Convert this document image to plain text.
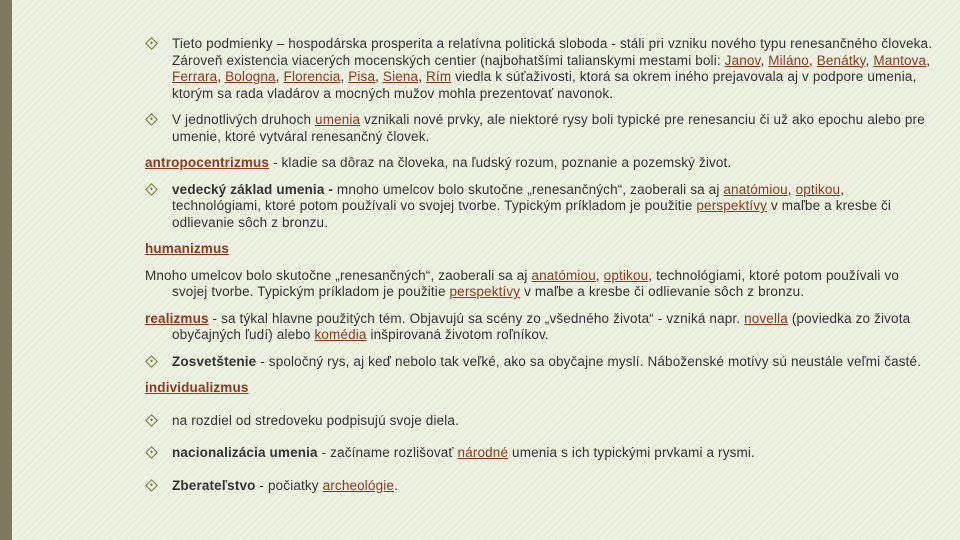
Tieto podmienky – hospodárska prosperita a relatívna politická sloboda - stáli pri vzniku nového typu renesančného človeka. Zároveň existencia viacerých mocenských centier (najbohatšími talianskymi mestami boli: Janov, Miláno, Benátky, Mantova, Ferrara, Bologna, Florencia, Pisa, Siena, Rím viedla k súťaživosti, ktorá sa okrem iného prejavovala aj v podpore umenia, ktorým sa rada vladárov a mocných mužov mohla prezentovať navonok.
V jednotlivých druhoch umenia vznikali nové prvky, ale niektoré rysy boli typické pre renesanciu či už ako epochu alebo pre umenie, ktoré vytváral renesančný človek.
antropocentrizmus - kladie sa dôraz na človeka, na ľudský rozum, poznanie a pozemský život.
vedecký základ umenia - mnoho umelcov bolo skutočne „renesančných“, zaoberali sa aj anatómiou, optikou, technológiami, ktoré potom používali vo svojej tvorbe. Typickým príkladom je použitie perspektívy v maľbe a kresbe či odlievanie sôch z bronzu.
humanizmus
Mnoho umelcov bolo skutočne „renesančných“, zaoberali sa aj anatómiou, optikou, technológiami, ktoré potom používali vo svojej tvorbe. Typickým príkladom je použitie perspektívy v maľbe a kresbe či odlievanie sôch z bronzu.
realizmus - sa týkal hlavne použitých tém. Objavujú sa scény zo „všedného života“ - vzniká napr. novella (poviedka zo života obyčajných ľudí) alebo komédia inšpirovaná životom roľníkov.
Zosvetštenie - spoločný rys, aj keď nebolo tak veľké, ako sa obyčajne myslí. Náboženské motívy sú neustále veľmi časté.
individualizmus
na rozdiel od stredoveku podpisujú svoje diela.
nacionalizácia umenia - začíname rozlišovať národné umenia s ich typickými prvkami a rysmi.
Zberateľstvo - počiatky archeológie.
